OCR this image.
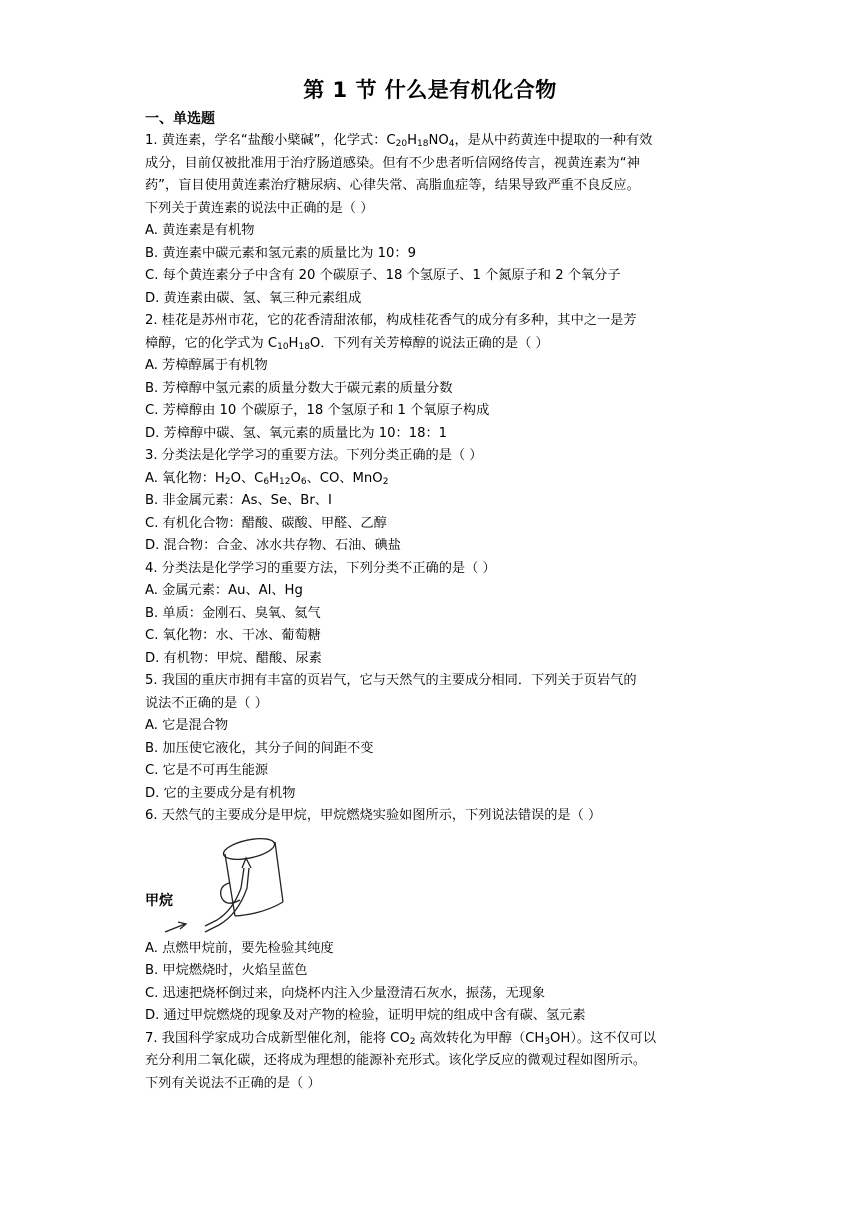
第 1 节 什么是有机化合物
一、单选题
1. 黄连素，学名“盐酸小檗碱”，化学式：$C_{20}H_{18}NO_4$，是从中药黄连中提取的一种有效
成分，目前仅被批准用于治疗肠道感染。但有不少患者听信网络传言，视黄连素为“神
药”，盲目使用黄连素治疗糖尿病、心律失常、高脂血症等，结果导致严重不良反应。
下列关于黄连素的说法中正确的是（ ）
A. 黄连素是有机物
B. 黄连素中碳元素和氢元素的质量比为 10：9
C. 每个黄连素分子中含有 20 个碳原子、18 个氢原子、1 个氮原子和 2 个氧分子
D. 黄连素由碳、氢、氧三种元素组成
2. 桂花是苏州市花，它的花香清甜浓郁，构成桂花香气的成分有多种，其中之一是芳
樟醇，它的化学式为 $C_{10}H_{18}O$．下列有关芳樟醇的说法正确的是（ ）
A. 芳樟醇属于有机物
B. 芳樟醇中氢元素的质量分数大于碳元素的质量分数
C. 芳樟醇由 10 个碳原子，18 个氢原子和 1 个氧原子构成
D. 芳樟醇中碳、氢、氧元素的质量比为 10：18：1
3. 分类法是化学学习的重要方法。下列分类正确的是（ ）
A. 氧化物：$H_2O$、$C_6H_{12}O_6$、CO、MnO$_2$
B. 非金属元素：As、Se、Br、I
C. 有机化合物：醋酸、碳酸、甲醛、乙醇
D. 混合物：合金、冰水共存物、石油、碘盐
4. 分类法是化学学习的重要方法，下列分类不正确的是（ ）
A. 金属元素：Au、Al、Hg
B. 单质：金刚石、臭氧、氦气
C. 氧化物：水、干冰、葡萄糖
D. 有机物：甲烷、醋酸、尿素
5. 我国的重庆市拥有丰富的页岩气，它与天然气的主要成分相同．下列关于页岩气的
说法不正确的是（ ）
A. 它是混合物
B. 加压使它液化，其分子间的间距不变
C. 它是不可再生能源
D. 它的主要成分是有机物
6. 天然气的主要成分是甲烷，甲烷燃烧实验如图所示，下列说法错误的是（ ）
甲烷
A. 点燃甲烷前，要先检验其纯度
B. 甲烷燃烧时，火焰呈蓝色
C. 迅速把烧杯倒过来，向烧杯内注入少量澄清石灰水，振荡，无现象
D. 通过甲烷燃烧的现象及对产物的检验，证明甲烷的组成中含有碳、氢元素
7. 我国科学家成功合成新型催化剂，能将 $CO_2$ 高效转化为甲醇$(CH_3OH)$。这不仅可以
充分利用二氧化碳，还将成为理想的能源补充形式。该化学反应的微观过程如图所示。
下列有关说法不正确的是（ ）
